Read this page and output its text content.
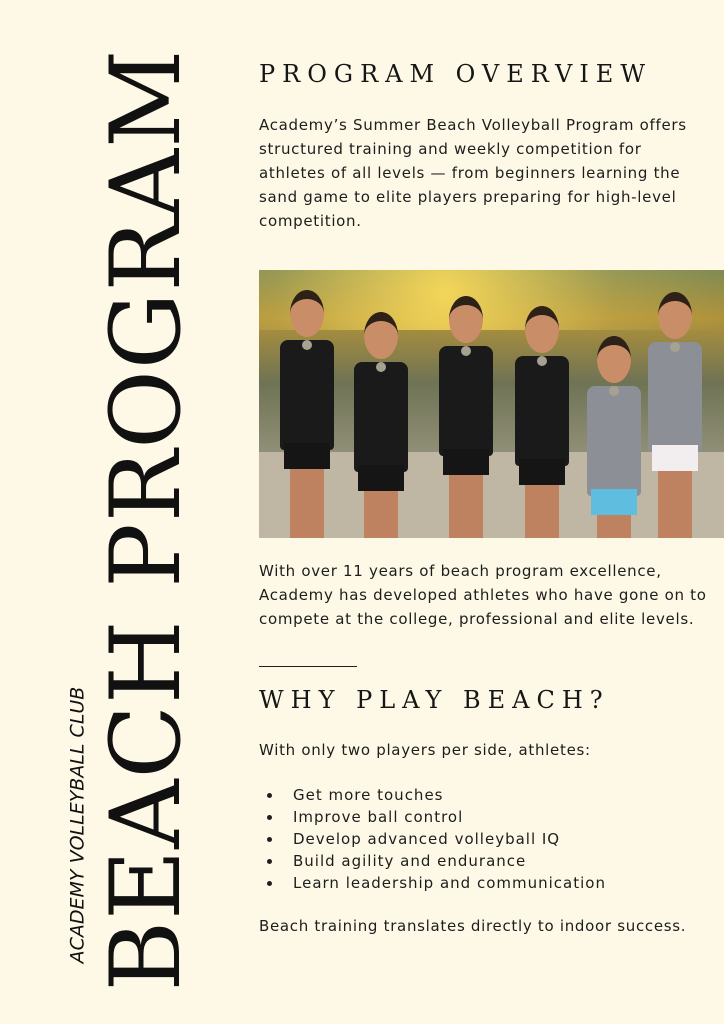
BEACH PROGRAM
ACADEMY VOLLEYBALL CLUB
PROGRAM OVERVIEW

Academy’s Summer Beach Volleyball Program offers structured training and weekly competition for athletes of all levels — from beginners learning the sand game to elite players preparing for high-level competition.

With over 11 years of beach program excellence, Academy has developed athletes who have gone on to compete at the college, professional and elite levels.

WHY PLAY BEACH?

With only two players per side, athletes:

Get more touches
Improve ball control
Develop advanced volleyball IQ
Build agility and endurance
Learn leadership and communication

Beach training translates directly to indoor success.
